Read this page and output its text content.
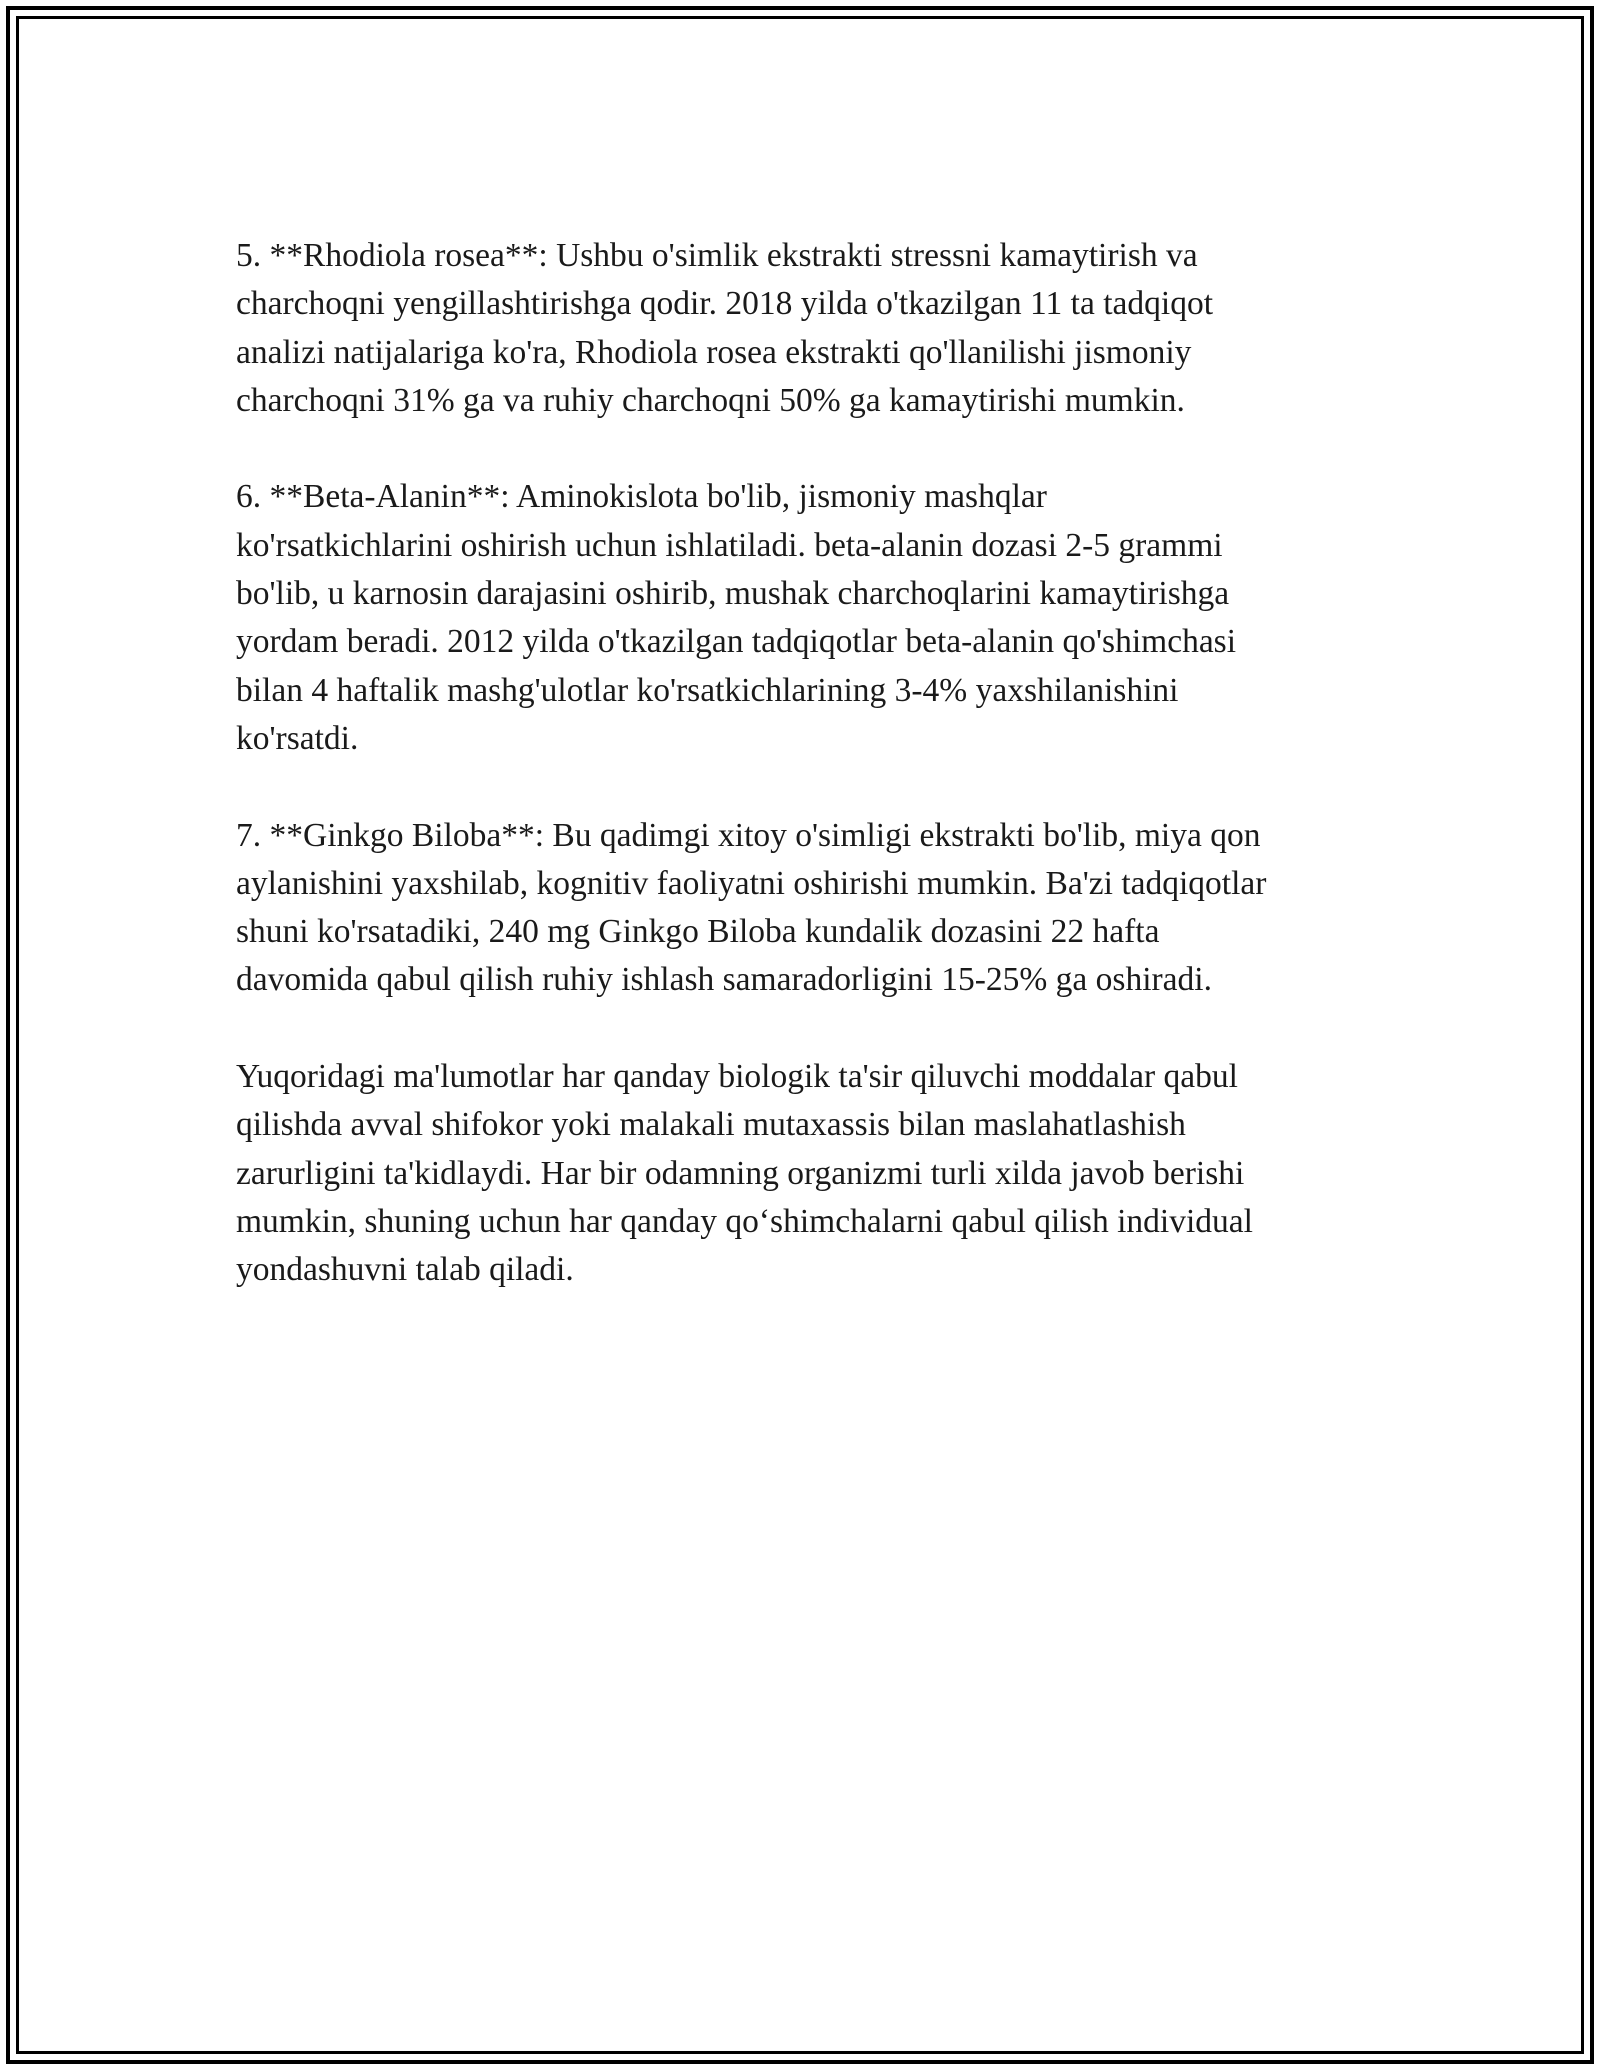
5. **Rhodiola rosea**: Ushbu o'simlik ekstrakti stressni kamaytirish va
charchoqni yengillashtirishga qodir. 2018 yilda o'tkazilgan 11 ta tadqiqot
analizi natijalariga ko'ra, Rhodiola rosea ekstrakti qo'llanilishi jismoniy
charchoqni 31% ga va ruhiy charchoqni 50% ga kamaytirishi mumkin.

6. **Beta-Alanin**: Aminokislota bo'lib, jismoniy mashqlar
ko'rsatkichlarini oshirish uchun ishlatiladi. beta-alanin dozasi 2-5 grammi
bo'lib, u karnosin darajasini oshirib, mushak charchoqlarini kamaytirishga
yordam beradi. 2012 yilda o'tkazilgan tadqiqotlar beta-alanin qo'shimchasi
bilan 4 haftalik mashg'ulotlar ko'rsatkichlarining 3-4% yaxshilanishini
ko'rsatdi.

7. **Ginkgo Biloba**: Bu qadimgi xitoy o'simligi ekstrakti bo'lib, miya qon
aylanishini yaxshilab, kognitiv faoliyatni oshirishi mumkin. Ba'zi tadqiqotlar
shuni ko'rsatadiki, 240 mg Ginkgo Biloba kundalik dozasini 22 hafta
davomida qabul qilish ruhiy ishlash samaradorligini 15-25% ga oshiradi.

Yuqoridagi ma'lumotlar har qanday biologik ta'sir qiluvchi moddalar qabul
qilishda avval shifokor yoki malakali mutaxassis bilan maslahatlashish
zarurligini ta'kidlaydi. Har bir odamning organizmi turli xilda javob berishi
mumkin, shuning uchun har qanday qo‘shimchalarni qabul qilish individual
yondashuvni talab qiladi.
